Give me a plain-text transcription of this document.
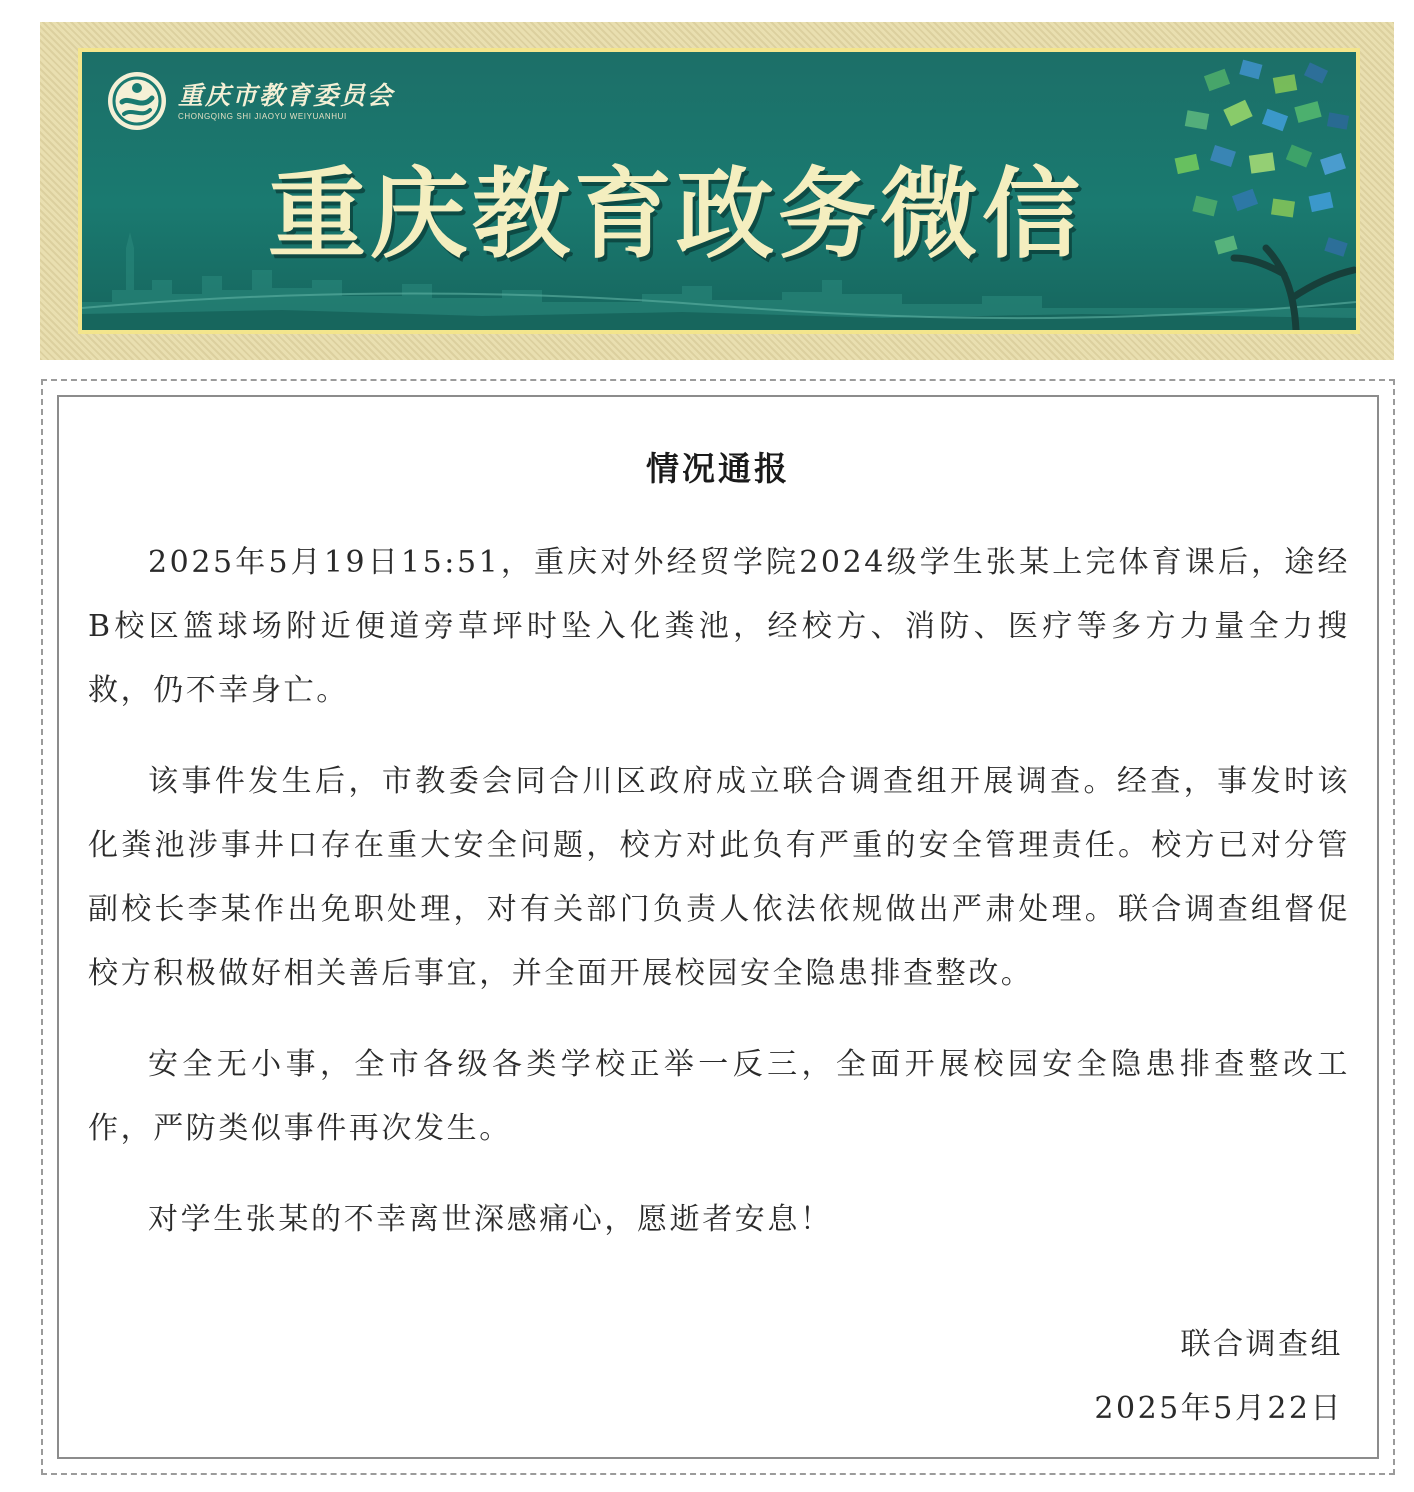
重庆市教育委员会
CHONGQING SHI JIAOYU WEIYUANHUI
重庆教育政务微信
情况通报

2025年5月19日15:51，重庆对外经贸学院2024级学生张某上完体育课后，途经B校区篮球场附近便道旁草坪时坠入化粪池，经校方、消防、医疗等多方力量全力搜救，仍不幸身亡。

该事件发生后，市教委会同合川区政府成立联合调查组开展调查。经查，事发时该化粪池涉事井口存在重大安全问题，校方对此负有严重的安全管理责任。校方已对分管副校长李某作出免职处理，对有关部门负责人依法依规做出严肃处理。联合调查组督促校方积极做好相关善后事宜，并全面开展校园安全隐患排查整改。

安全无小事，全市各级各类学校正举一反三，全面开展校园安全隐患排查整改工作，严防类似事件再次发生。

对学生张某的不幸离世深感痛心，愿逝者安息！

联合调查组
2025年5月22日
